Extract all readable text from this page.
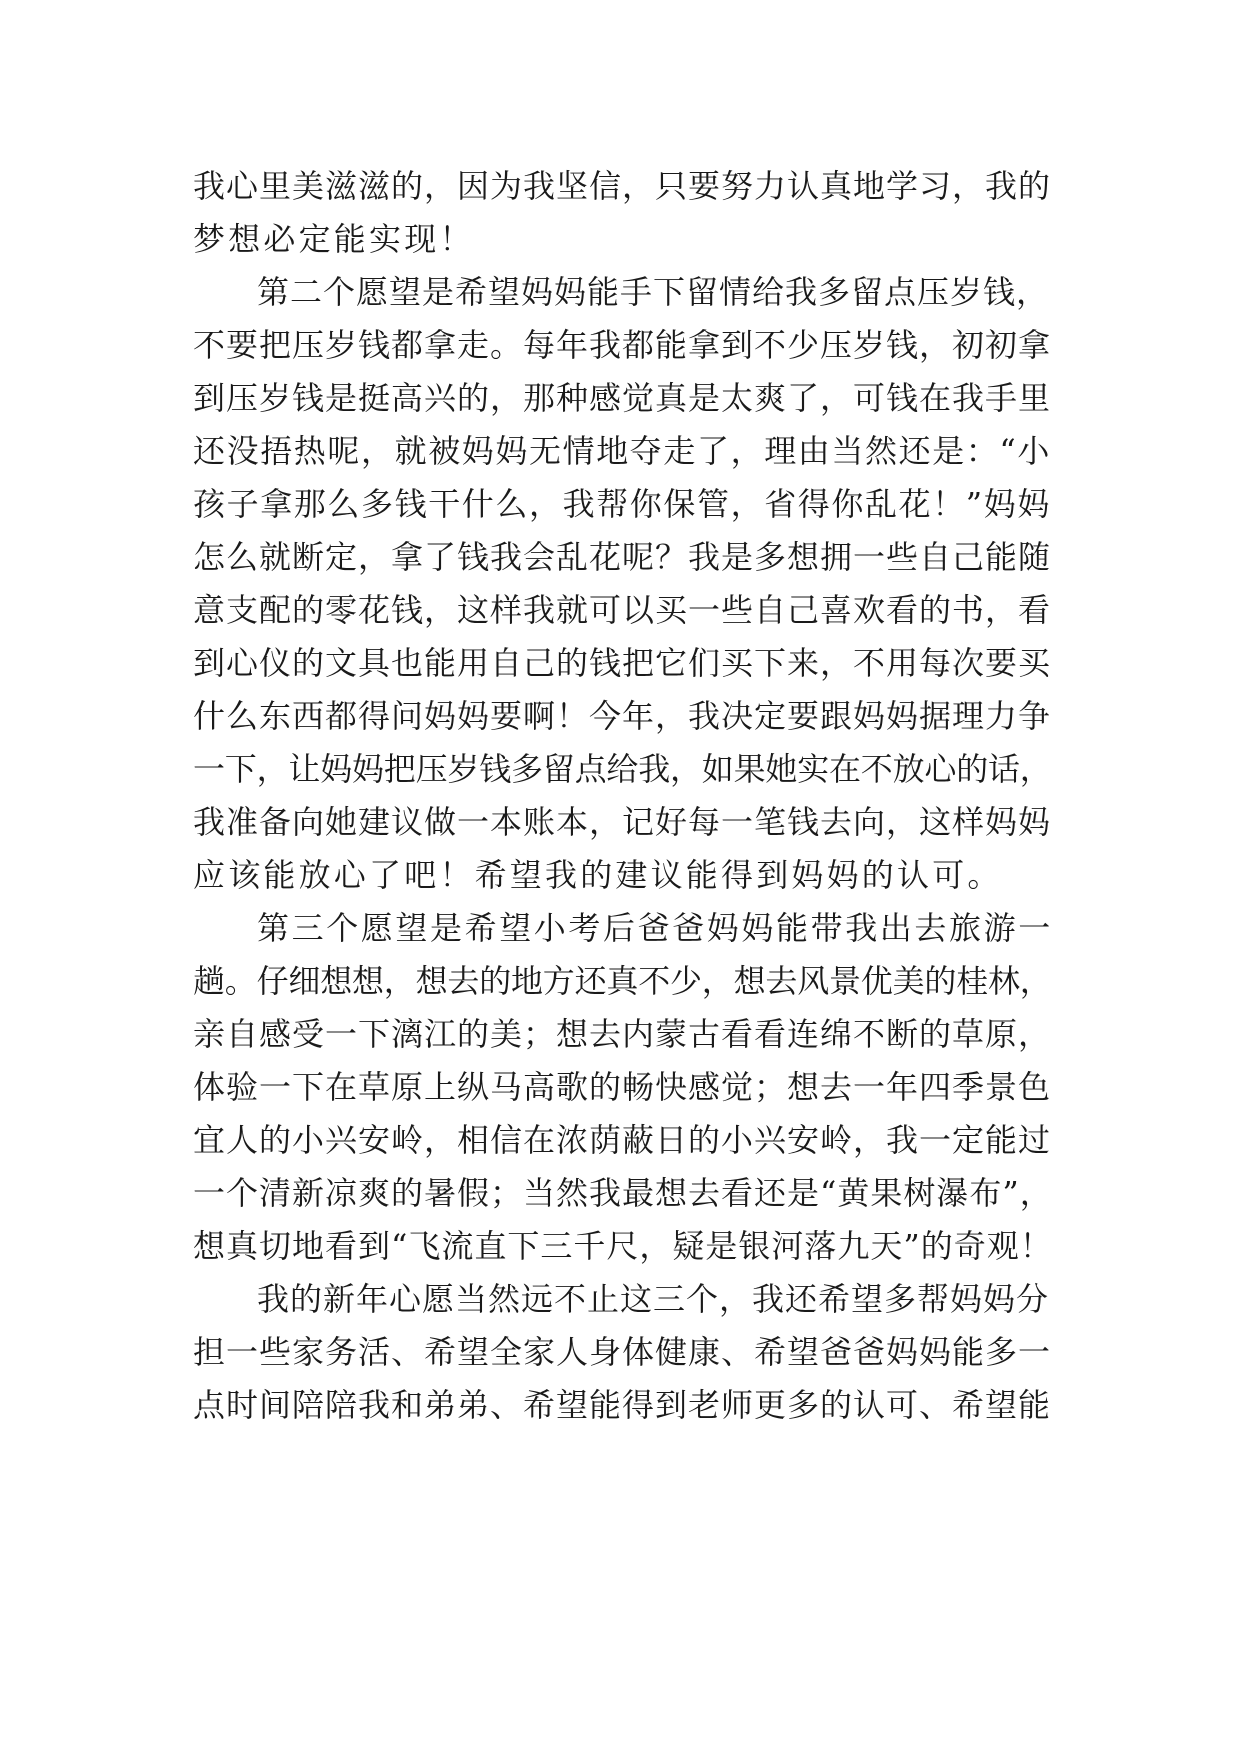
我心里美滋滋的，因为我坚信，只要努力认真地学习，我的
梦想必定能实现！
第二个愿望是希望妈妈能手下留情给我多留点压岁钱，
不要把压岁钱都拿走。每年我都能拿到不少压岁钱，初初拿
到压岁钱是挺高兴的，那种感觉真是太爽了，可钱在我手里
还没捂热呢，就被妈妈无情地夺走了，理由当然还是：“小
孩子拿那么多钱干什么，我帮你保管，省得你乱花！”妈妈
怎么就断定，拿了钱我会乱花呢？我是多想拥一些自己能随
意支配的零花钱，这样我就可以买一些自己喜欢看的书，看
到心仪的文具也能用自己的钱把它们买下来，不用每次要买
什么东西都得问妈妈要啊！今年，我决定要跟妈妈据理力争
一下，让妈妈把压岁钱多留点给我，如果她实在不放心的话，
我准备向她建议做一本账本，记好每一笔钱去向，这样妈妈
应该能放心了吧！希望我的建议能得到妈妈的认可。
第三个愿望是希望小考后爸爸妈妈能带我出去旅游一
趟。仔细想想，想去的地方还真不少，想去风景优美的桂林，
亲自感受一下漓江的美；想去内蒙古看看连绵不断的草原，
体验一下在草原上纵马高歌的畅快感觉；想去一年四季景色
宜人的小兴安岭，相信在浓荫蔽日的小兴安岭，我一定能过
一个清新凉爽的暑假；当然我最想去看还是“黄果树瀑布”，
想真切地看到“飞流直下三千尺，疑是银河落九天”的奇观！
我的新年心愿当然远不止这三个，我还希望多帮妈妈分
担一些家务活、希望全家人身体健康、希望爸爸妈妈能多一
点时间陪陪我和弟弟、希望能得到老师更多的认可、希望能
